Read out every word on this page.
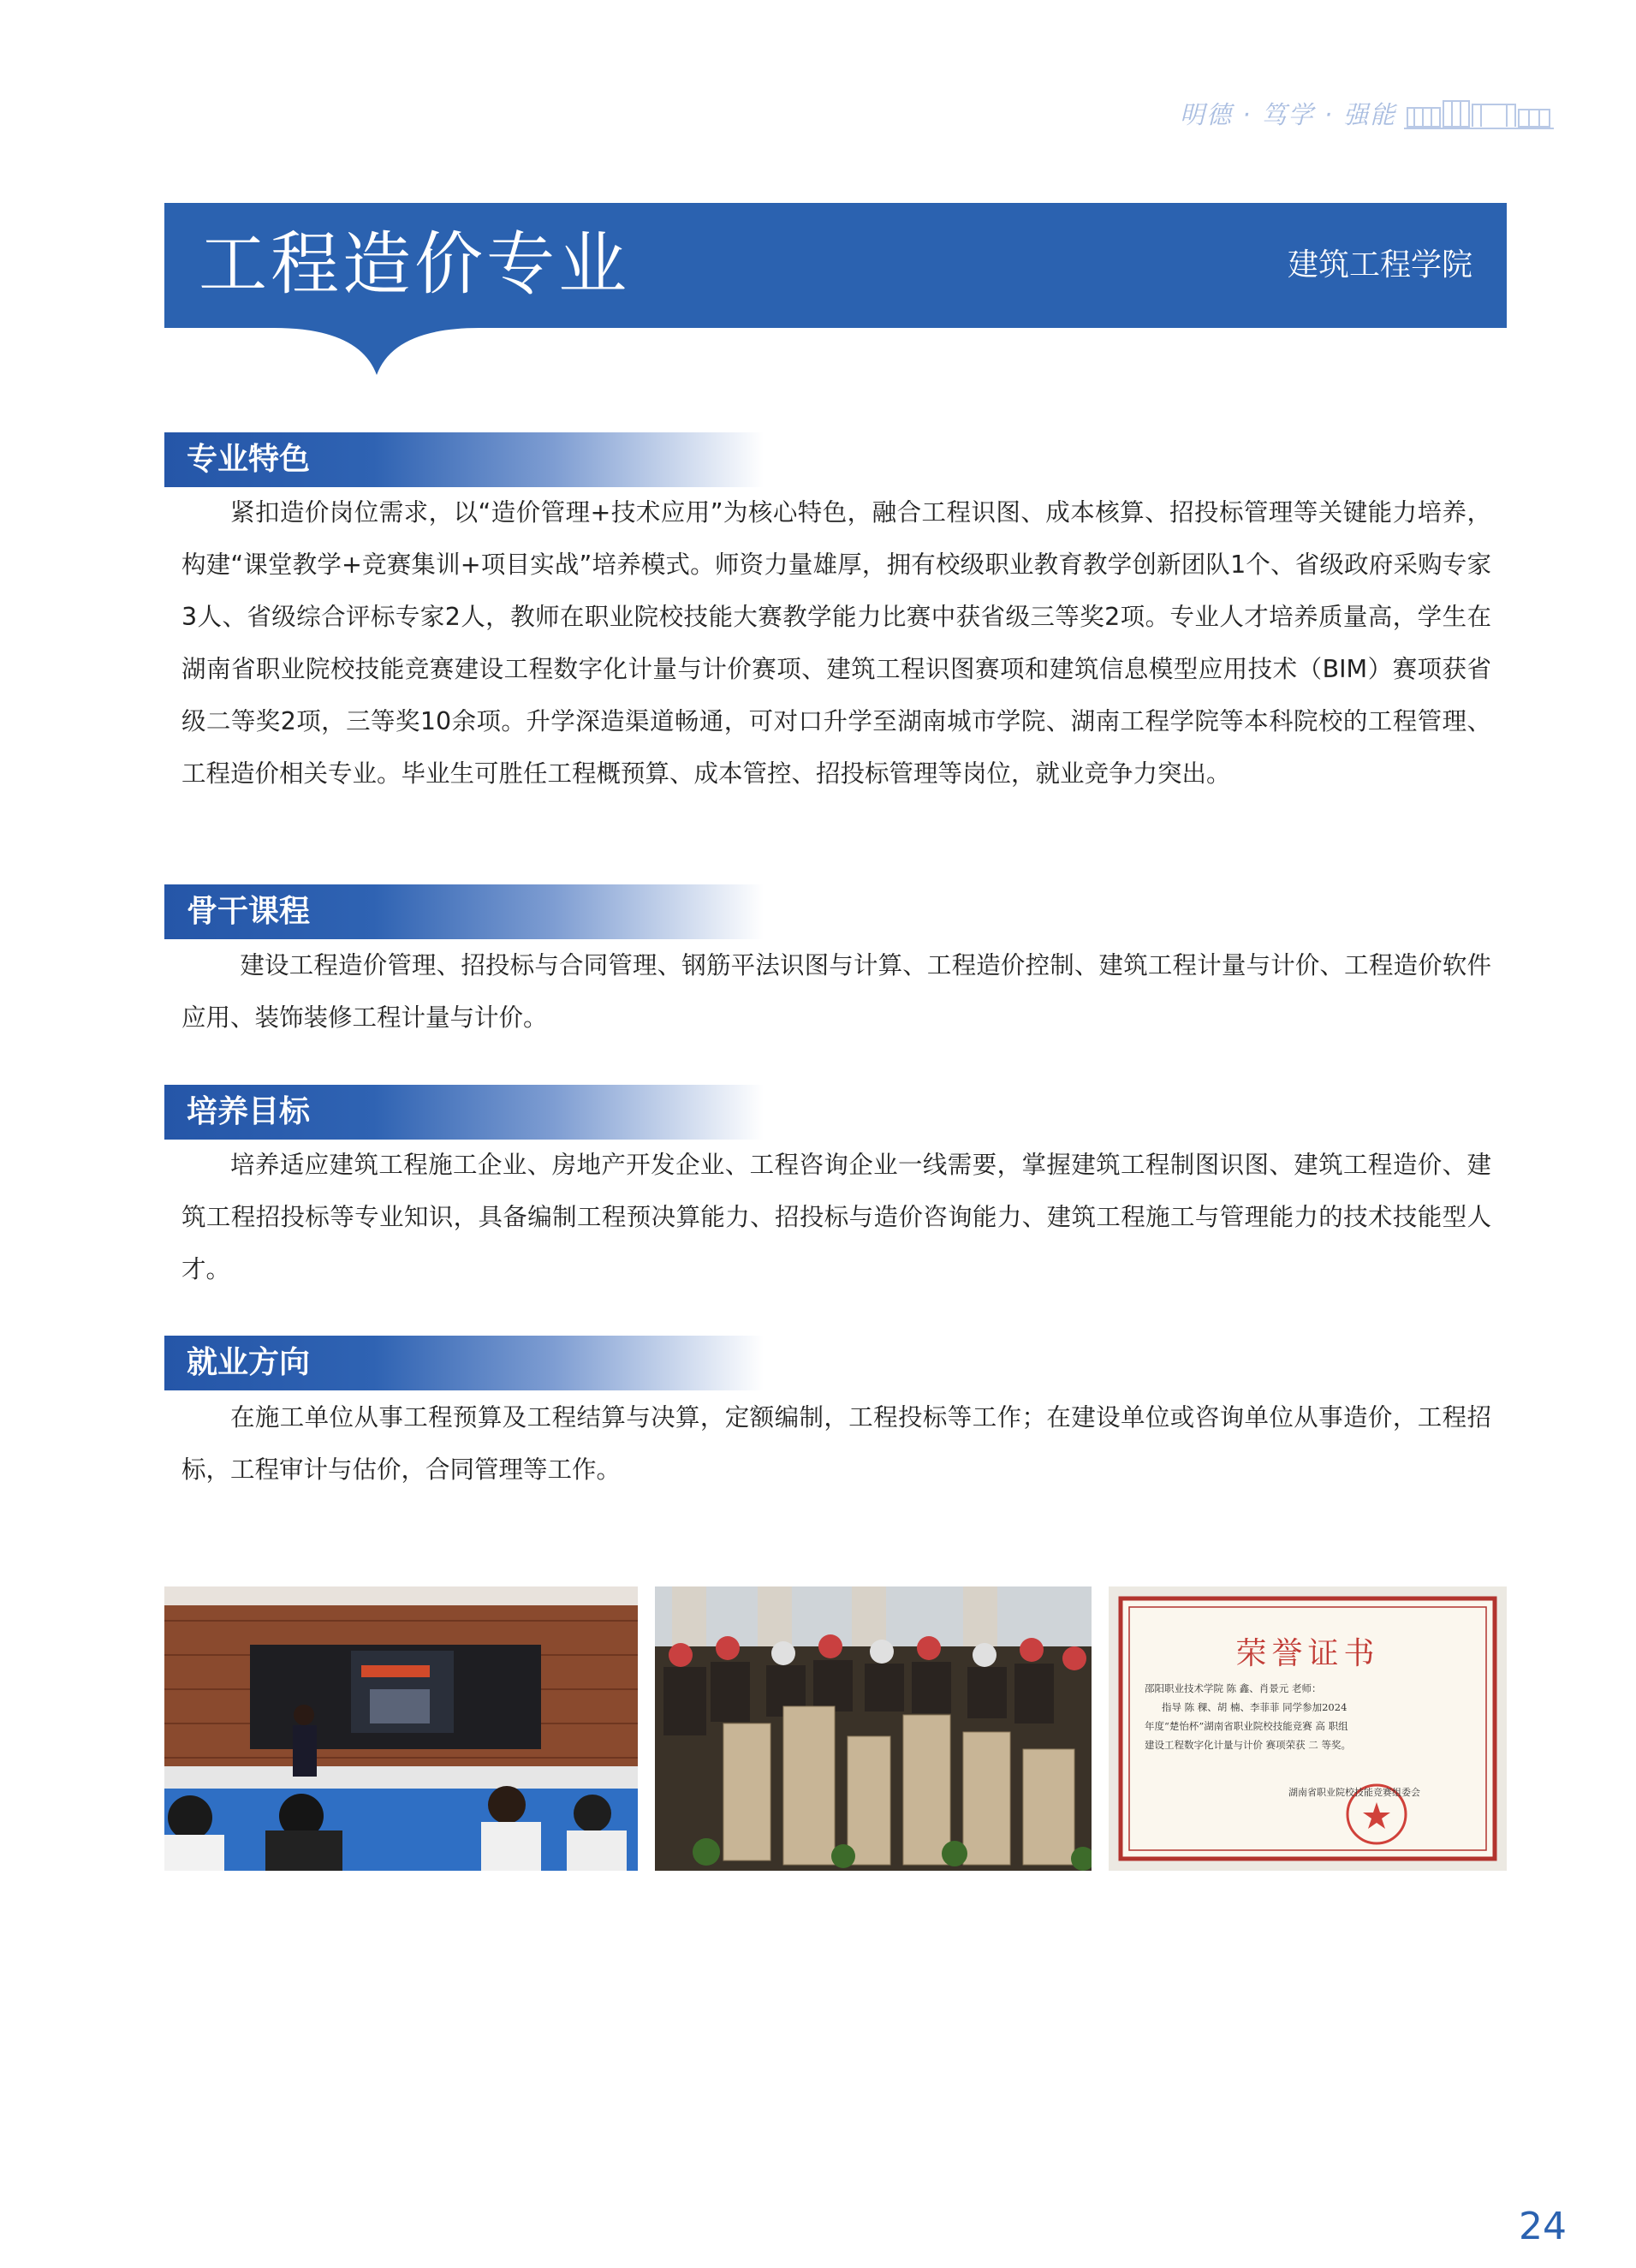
明德 · 笃学 · 强能
工程造价专业	建筑工程学院
专业特色

紧扣造价岗位需求，以“造价管理+技术应用”为核心特色，融合工程识图、成本核算、招投标管理等关键能力培养，构建“课堂教学+竞赛集训+项目实战”培养模式。师资力量雄厚，拥有校级职业教育教学创新团队1个、省级政府采购专家3人、省级综合评标专家2人，教师在职业院校技能大赛教学能力比赛中获省级三等奖2项。专业人才培养质量高，学生在湖南省职业院校技能竞赛建设工程数字化计量与计价赛项、建筑工程识图赛项和建筑信息模型应用技术（BIM）赛项获省级二等奖2项，三等奖10余项。升学深造渠道畅通，可对口升学至湖南城市学院、湖南工程学院等本科院校的工程管理、工程造价相关专业。毕业生可胜任工程概预算、成本管控、招投标管理等岗位，就业竞争力突出。

骨干课程

建设工程造价管理、招投标与合同管理、钢筋平法识图与计算、工程造价控制、建筑工程计量与计价、工程造价软件应用、装饰装修工程计量与计价。

培养目标

培养适应建筑工程施工企业、房地产开发企业、工程咨询企业一线需要，掌握建筑工程制图识图、建筑工程造价、建筑工程招投标等专业知识，具备编制工程预决算能力、招投标与造价咨询能力、建筑工程施工与管理能力的技术技能型人才。

就业方向

在施工单位从事工程预算及工程结算与决算，定额编制，工程投标等工作；在建设单位或咨询单位从事造价，工程招标，工程审计与估价，合同管理等工作。

荣誉证书
邵阳职业技术学院 陈 鑫、肖景元 老师：
指导 陈 稞、胡 楠、李菲菲 同学参加2024
年度“楚怡杯”湖南省职业院校技能竞赛 高 职组
建设工程数字化计量与计价 赛项荣获 二 等奖。
湖南省职业院校技能竞赛组委会
24
